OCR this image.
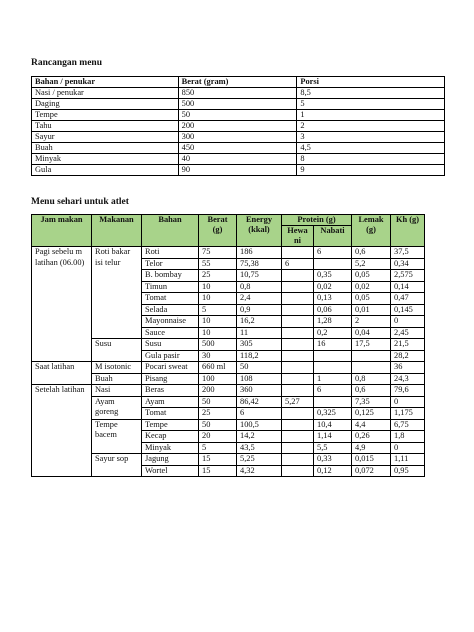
Rancangan menu
Bahan / penukar	Berat (gram)	Porsi
Nasi / penukar	850	8,5
Daging	500	5
Tempe	50	1
Tahu	200	2
Sayur	300	3
Buah	450	4,5
Minyak	40	8
Gula	90	9
Menu sehari untuk atlet
Jam makan	Makanan	Bahan	Berat (g)	Energy (kkal)	Protein (g)		Lemak (g)	Kh (g)
					Hewa ni	Nabati		
Pagi sebelu m latihan (06.00)	Roti bakar isi telur	Roti	75	186		6	0,6	37,5
		Telor	55	75,38	6		5,2	0,34
		B. bombay	25	10,75		0,35	0,05	2,575
		Timun	10	0,8		0,02	0,02	0,14
		Tomat	10	2,4		0,13	0,05	0,47
		Selada	5	0,9		0,06	0,01	0,145
		Mayonnaise	10	16,2		1,28	2	0
		Sauce	10	11		0,2	0,04	2,45
	Susu	Susu	500	305		16	17,5	21,5
		Gula pasir	30	118,2				28,2
Saat latihan	M isotonic	Pocari sweat	660 ml	50				36
	Buah	Pisang	100	108		1	0,8	24,3
Setelah latihan	Nasi	Beras	200	360		6	0,6	79,6
	Ayam goreng	Ayam	50	86,42	5,27		7,35	0
		Tomat	25	6		0,325	0,125	1,175
	Tempe bacem	Tempe	50	100,5		10,4	4,4	6,75
		Kecap	20	14,2		1,14	0,26	1,8
		Minyak	5	43,5		5,5	4,9	0
	Sayur sop	Jagung	15	5,25		0,33	0,015	1,11
		Wortel	15	4,32		0,12	0,072	0,95
